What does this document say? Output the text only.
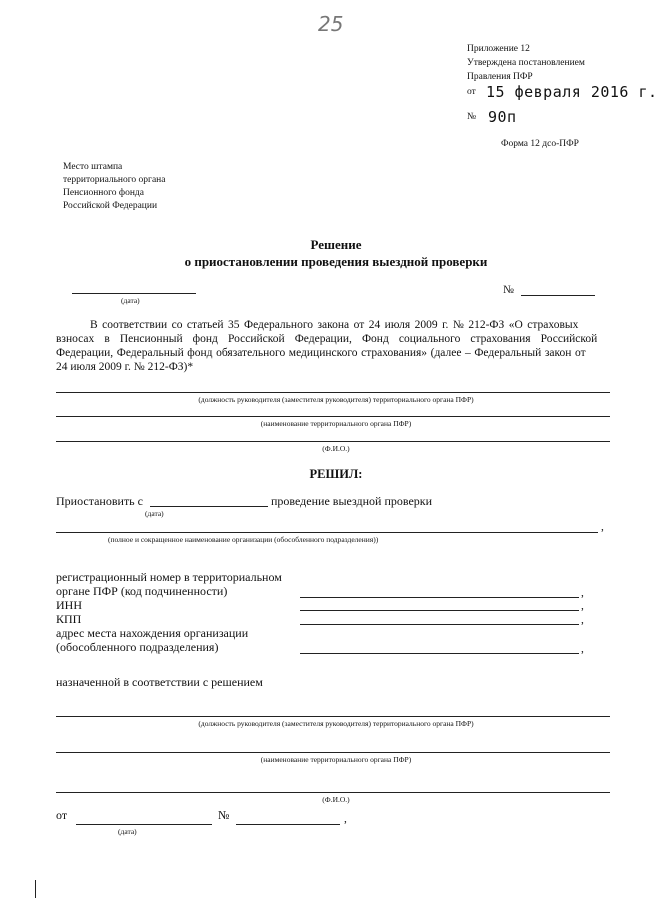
25
Приложение 12
Утверждена постановлением
Правления ПФР
от 15 февраля 2016 г.
№ 90п
Форма 12 дсо-ПФР
Место штампа
территориального органа
Пенсионного фонда
Российской Федерации
Решение
о приостановлении проведения выездной проверки
(дата)
№
В соответствии со статьей 35 Федерального закона от 24 июля 2009 г. № 212-ФЗ «О страховых
взносах в Пенсионный фонд Российской Федерации, Фонд социального страхования Российской
Федерации, Федеральный фонд обязательного медицинского страхования» (далее – Федеральный закон от
24 июля 2009 г. № 212-ФЗ)*
(должность руководителя (заместителя руководителя) территориального органа ПФР)
(наименование территориального органа ПФР)
(Ф.И.О.)
РЕШИЛ:
Приостановить с	проведение выездной проверки
(дата)
,
(полное и сокращенное наименование организации (обособленного подразделения))
регистрационный номер в территориальном
органе ПФР (код подчиненности)	,
ИНН	,
КПП	,
адрес места нахождения организации
(обособленного подразделения)	,
назначенной в соответствии с решением
(должность руководителя (заместителя руководителя) территориального органа ПФР)
(наименование территориального органа ПФР)
(Ф.И.О.)
от
(дата)
№	,
